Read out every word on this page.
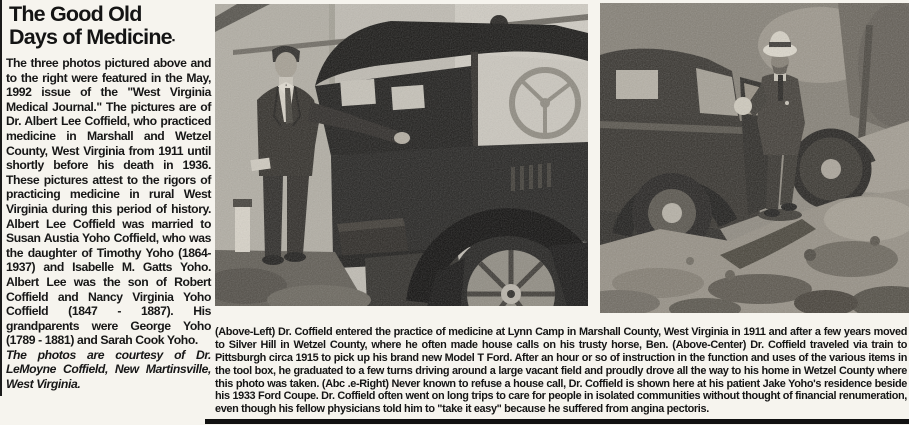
The Good Old
Days of Medicine▪

The three photos pictured above and to the right were featured in the May, 1992 issue of the "West Virginia Medical Journal." The pictures are of Dr. Albert Lee Coffield, who practiced medicine in Marshall and Wetzel County, West Virginia from 1911 until shortly before his death in 1936. These pictures attest to the rigors of practicing medicine in rural West Virginia during this period of history. Albert Lee Coffield was married to Susan Austia Yoho Coffield, who was the daughter of Timothy Yoho (1864-1937) and Isabelle M. Gatts Yoho. Albert Lee was the son of Robert Coffield and Nancy Virginia Yoho Coffield (1847 - 1887). His grandparents were George Yoho (1789 - 1881) and Sarah Cook Yoho.

The photos are courtesy of Dr. LeMoyne Coffield, New Martinsville, West Virginia.

(Above-Left) Dr. Coffield entered the practice of medicine at Lynn Camp in Marshall County, West Virginia in 1911 and after a few years moved to Silver Hill in Wetzel County, where he often made house calls on his trusty horse, Ben. (Above-Center) Dr. Coffield traveled via train to Pittsburgh circa 1915 to pick up his brand new Model T Ford. After an hour or so of instruction in the function and uses of the various items in the tool box, he graduated to a few turns driving around a large vacant field and proudly drove all the way to his home in Wetzel County where this photo was taken. (Abc .e-Right) Never known to refuse a house call, Dr. Coffield is shown here at his patient Jake Yoho's residence beside his 1933 Ford Coupe. Dr. Coffield often went on long trips to care for people in isolated communities without thought of financial renumeration, even though his fellow physicians told him to "take it easy" because he suffered from angina pectoris.
